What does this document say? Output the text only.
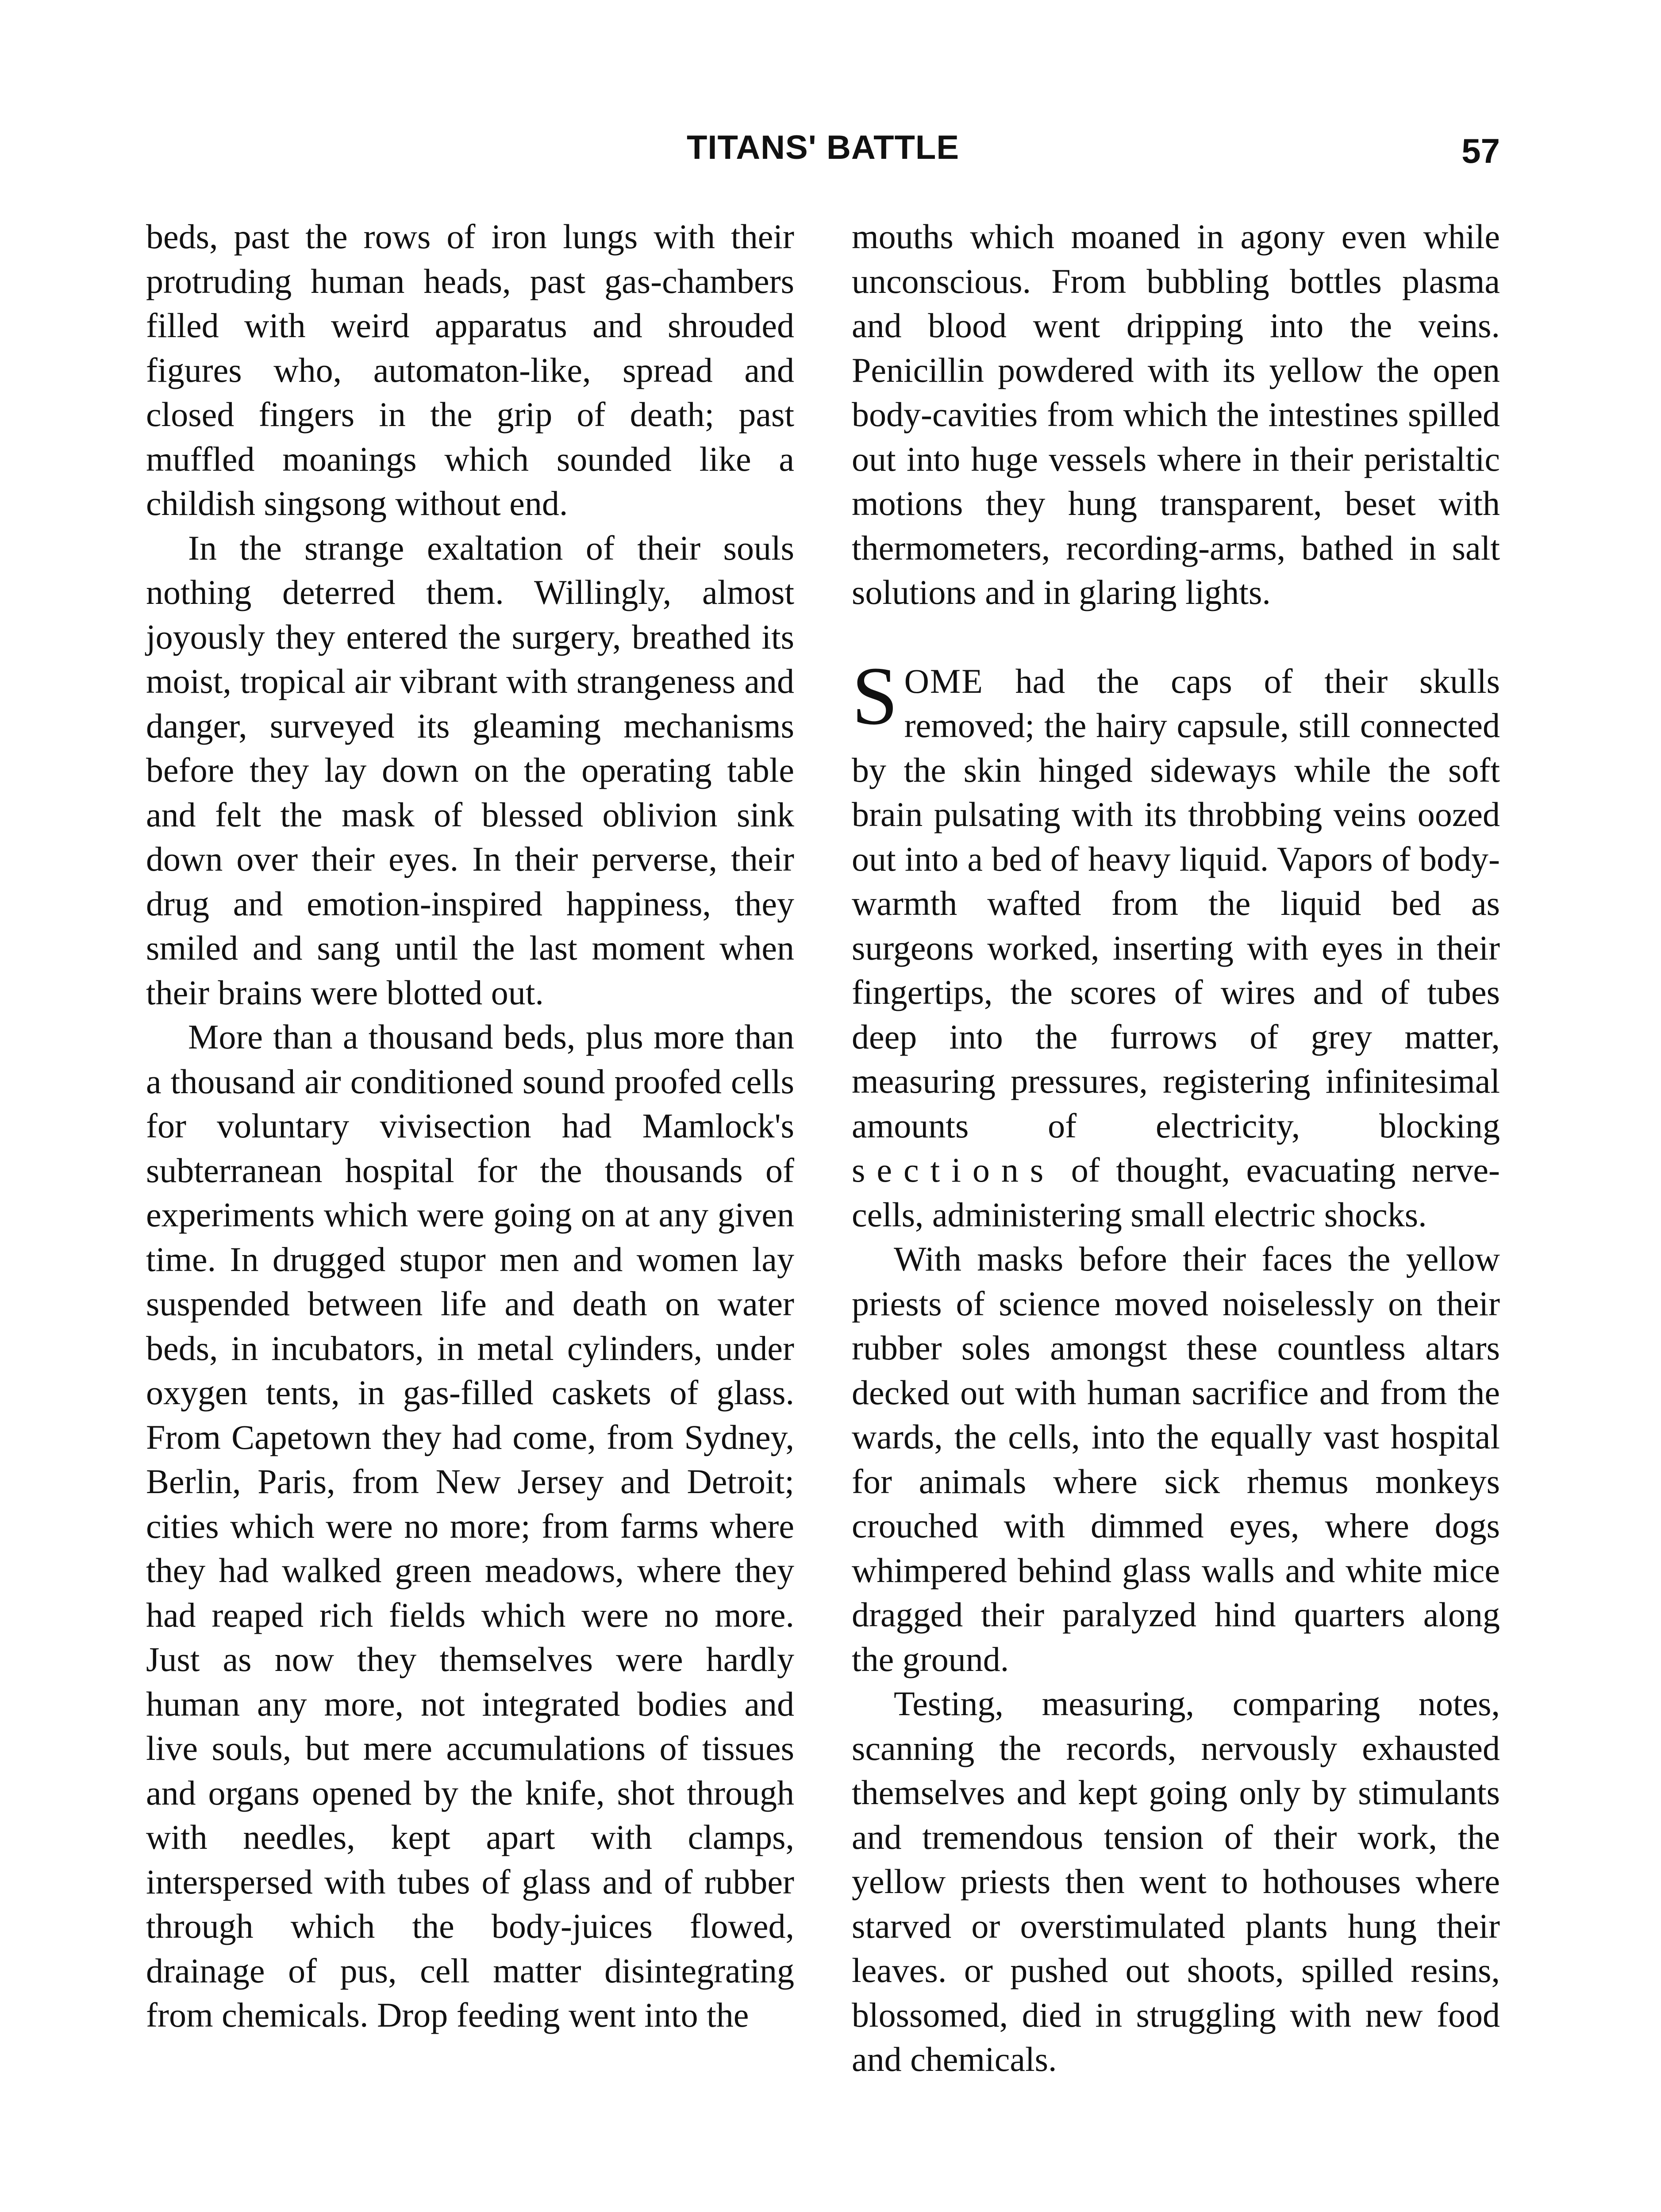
TITANS' BATTLE	57

beds, past the rows of iron lungs with their protruding human heads, past gas-chambers filled with weird apparatus and shrouded figures who, automaton-like, spread and closed fingers in the grip of death; past muffled moanings which sounded like a childish singsong without end.

In the strange exaltation of their souls nothing deterred them. Willingly, almost joyously they entered the surgery, breathed its moist, tropical air vibrant with strangeness and danger, surveyed its gleaming mechanisms before they lay down on the operating table and felt the mask of blessed oblivion sink down over their eyes. In their perverse, their drug and emotion-inspired happiness, they smiled and sang until the last moment when their brains were blotted out.

More than a thousand beds, plus more than a thousand air conditioned sound proofed cells for voluntary vivisection had Mamlock's subterranean hospital for the thousands of experiments which were going on at any given time. In drugged stupor men and women lay suspended between life and death on water beds, in incubators, in metal cylinders, under oxygen tents, in gas-filled caskets of glass. From Capetown they had come, from Sydney, Berlin, Paris, from New Jersey and Detroit; cities which were no more; from farms where they had walked green meadows, where they had reaped rich fields which were no more. Just as now they themselves were hardly human any more, not integrated bodies and live souls, but mere accumulations of tissues and organs opened by the knife, shot through with needles, kept apart with clamps, interspersed with tubes of glass and of rubber through which the body-juices flowed, drainage of pus, cell matter disintegrating from chemicals. Drop feeding went into the

mouths which moaned in agony even while unconscious. From bubbling bottles plasma and blood went dripping into the veins. Penicillin powdered with its yellow the open body-cavities from which the intestines spilled out into huge vessels where in their peristaltic motions they hung transparent, beset with thermometers, recording-arms, bathed in salt solutions and in glaring lights.

SOME had the caps of their skulls removed; the hairy capsule, still connected by the skin hinged sideways while the soft brain pulsating with its throbbing veins oozed out into a bed of heavy liquid. Vapors of body-warmth wafted from the liquid bed as surgeons worked, inserting with eyes in their fingertips, the scores of wires and of tubes deep into the furrows of grey matter, measuring pressures, registering infinitesimal amounts of electricity, blocking sections of thought, evacuating nerve-cells, administering small electric shocks.

With masks before their faces the yellow priests of science moved noiselessly on their rubber soles amongst these countless altars decked out with human sacrifice and from the wards, the cells, into the equally vast hospital for animals where sick rhemus monkeys crouched with dimmed eyes, where dogs whimpered behind glass walls and white mice dragged their paralyzed hind quarters along the ground.

Testing, measuring, comparing notes, scanning the records, nervously exhausted themselves and kept going only by stimulants and tremendous tension of their work, the yellow priests then went to hothouses where starved or overstimulated plants hung their leaves. or pushed out shoots, spilled resins, blossomed, died in struggling with new food and chemicals.
